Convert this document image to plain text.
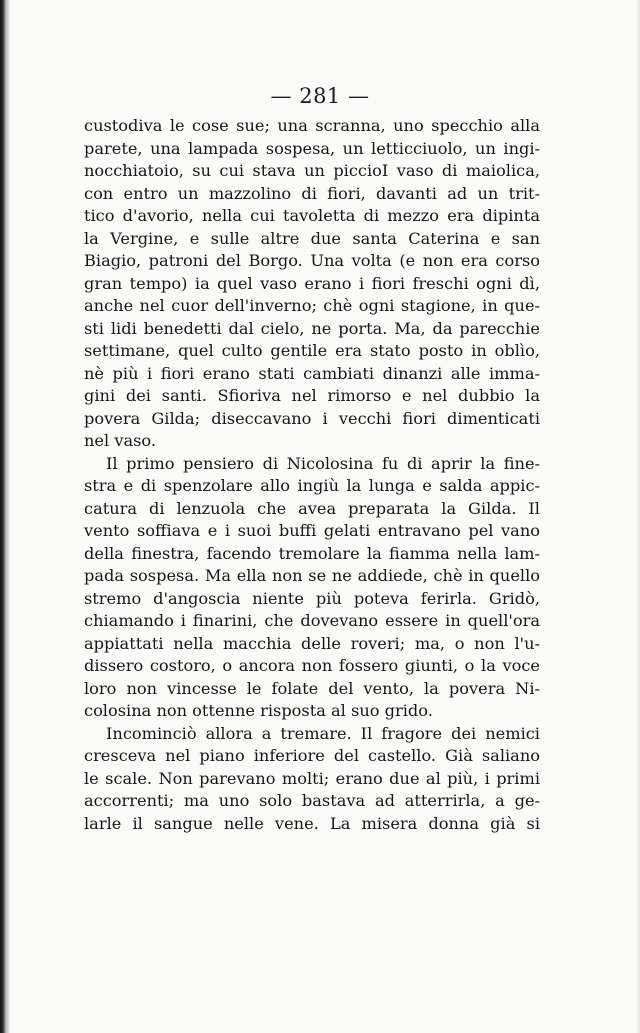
— 281 —
custodiva le cose sue; una scranna, uno specchio alla
parete, una lampada sospesa, un letticciuolo, un ingi-
nocchiatoio, su cui stava un piccioI vaso di maiolica,
con entro un mazzolino di fiori, davanti ad un trit-
tico d'avorio, nella cui tavoletta di mezzo era dipinta
la Vergine, e sulle altre due santa Caterina e san
Biagio, patroni del Borgo. Una volta (e non era corso
gran tempo) ia quel vaso erano i fiori freschi ogni dì,
anche nel cuor dell'inverno; chè ogni stagione, in que-
sti lidi benedetti dal cielo, ne porta. Ma, da parecchie
settimane, quel culto gentile era stato posto in oblìo,
nè più i fiori erano stati cambiati dinanzi alle imma-
gini dei santi. Sfioriva nel rimorso e nel dubbio la
povera Gilda; diseccavano i vecchi fiori dimenticati
nel vaso.
Il primo pensiero di Nicolosina fu di aprir la fine-
stra e di spenzolare allo ingiù la lunga e salda appic-
catura di lenzuola che avea preparata la Gilda. Il
vento soffiava e i suoi buffi gelati entravano pel vano
della finestra, facendo tremolare la fiamma nella lam-
pada sospesa. Ma ella non se ne addiede, chè in quello
stremo d'angoscia niente più poteva ferirla. Gridò,
chiamando i finarini, che dovevano essere in quell'ora
appiattati nella macchia delle roveri; ma, o non l'u-
dissero costoro, o ancora non fossero giunti, o la voce
loro non vincesse le folate del vento, la povera Ni-
colosina non ottenne risposta al suo grido.
Incominciò allora a tremare. Il fragore dei nemici
cresceva nel piano inferiore del castello. Già saliano
le scale. Non parevano molti; erano due al più, i primi
accorrenti; ma uno solo bastava ad atterrirla, a ge-
larle il sangue nelle vene. La misera donna già si
